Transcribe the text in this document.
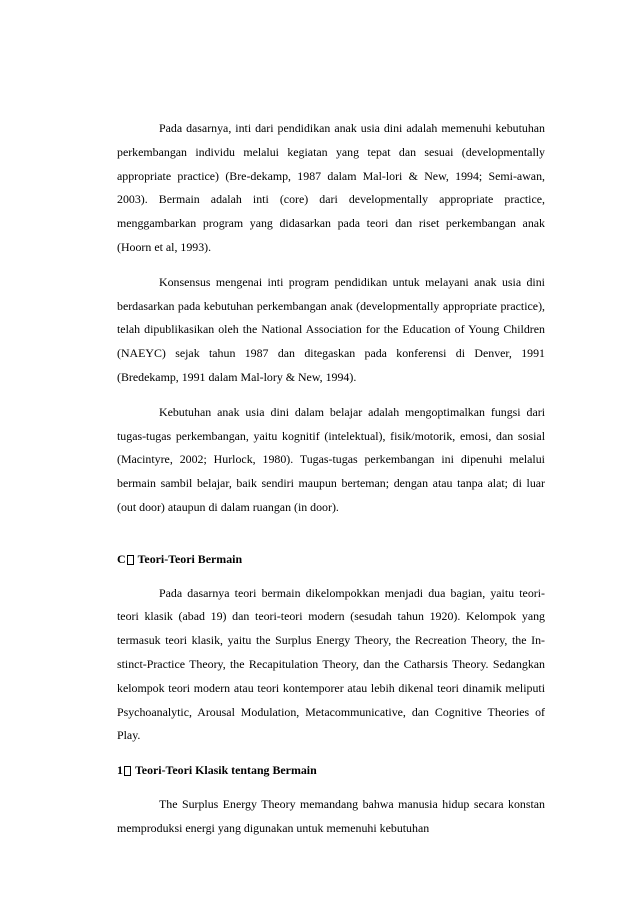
Pada dasarnya, inti dari pendidikan anak usia dini adalah memenuhi kebutuhan perkembangan individu melalui kegiatan yang tepat dan sesuai (developmentally appropriate practice) (Bre-dekamp, 1987 dalam Mal-lori & New, 1994; Semi-awan, 2003). Bermain adalah inti (core) dari developmentally appropriate practice, menggambarkan program yang didasarkan pada teori dan riset perkembangan anak (Hoorn et al, 1993).

Konsensus mengenai inti program pendidikan untuk melayani anak usia dini berdasarkan pada kebutuhan perkembangan anak (developmentally appropriate practice), telah dipublikasikan oleh the National Association for the Education of Young Children (NAEYC) sejak tahun 1987 dan ditegaskan pada konferensi di Denver, 1991 (Bredekamp, 1991 dalam Mal-lory & New, 1994).

Kebutuhan anak usia dini dalam belajar adalah mengoptimalkan fungsi dari tugas-tugas perkembangan, yaitu kognitif (intelektual), fisik/motorik, emosi, dan sosial (Macintyre, 2002; Hurlock, 1980). Tugas-tugas perkembangan ini dipenuhi melalui bermain sambil belajar, baik sendiri maupun berteman; dengan atau tanpa alat; di luar (out door) ataupun di dalam ruangan (in door).

C Teori-Teori Bermain

Pada dasarnya teori bermain dikelompokkan menjadi dua bagian, yaitu teori-teori klasik (abad 19) dan teori-teori modern (sesudah tahun 1920). Kelompok yang termasuk teori klasik, yaitu the Surplus Energy Theory, the Recreation Theory, the In-stinct-Practice Theory, the Recapitulation Theory, dan the Catharsis Theory. Sedangkan kelompok teori modern atau teori kontemporer atau lebih dikenal teori dinamik meliputi Psychoanalytic, Arousal Modulation, Metacommunicative, dan Cognitive Theories of Play.

1 Teori-Teori Klasik tentang Bermain

The Surplus Energy Theory memandang bahwa manusia hidup secara konstan memproduksi energi yang digunakan untuk memenuhi kebutuhan
